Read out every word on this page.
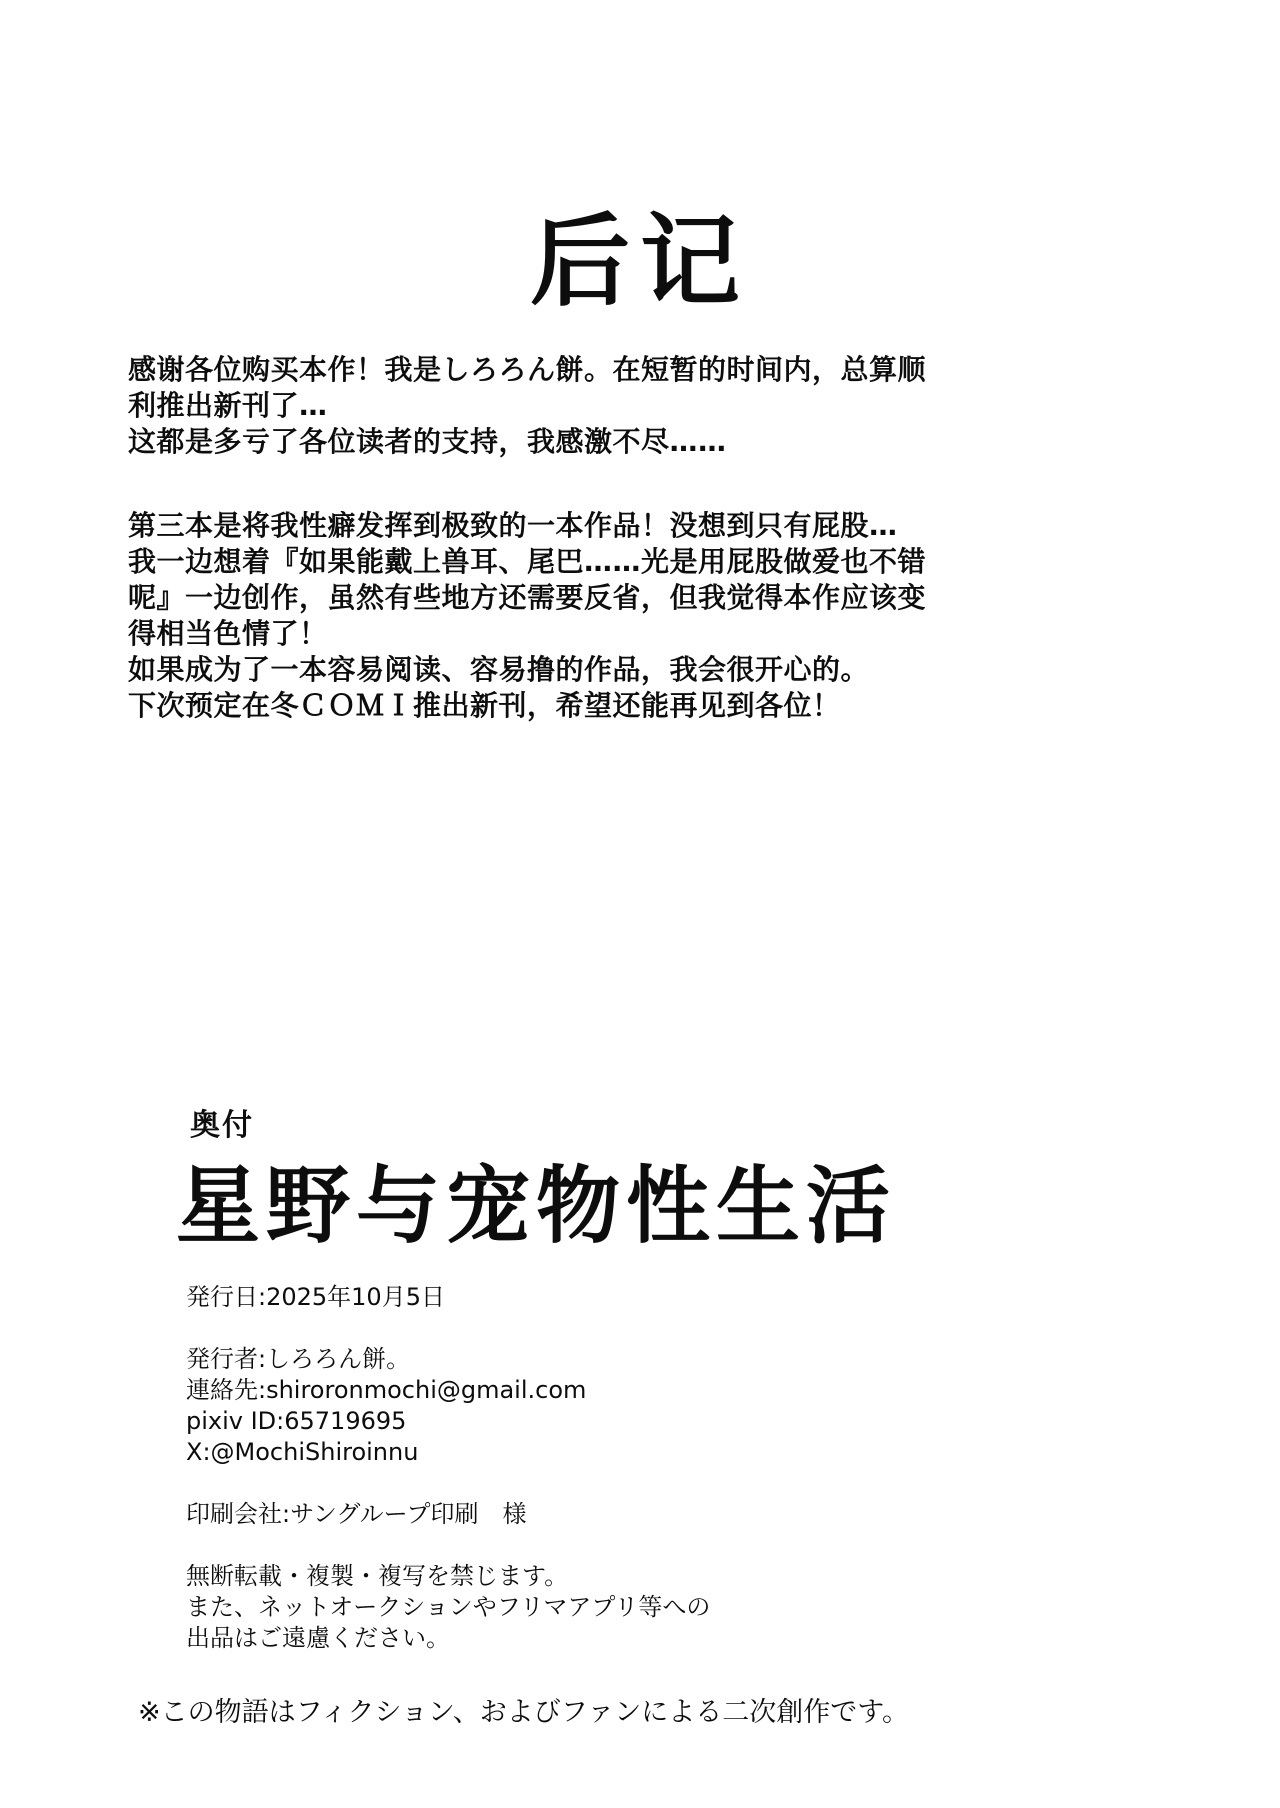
后记
感谢各位购买本作！我是しろろん餅。在短暂的时间内，总算顺
利推出新刊了…
这都是多亏了各位读者的支持，我感激不尽……
第三本是将我性癖发挥到极致的一本作品！没想到只有屁股…
我一边想着『如果能戴上兽耳、尾巴……光是用屁股做爱也不错
呢』一边创作，虽然有些地方还需要反省，但我觉得本作应该变
得相当色情了！
如果成为了一本容易阅读、容易撸的作品，我会很开心的。
下次预定在冬ＣＯＭＩ推出新刊，希望还能再见到各位！
奥付
星野与宠物性生活
発行日:2025年10月5日
発行者:しろろん餅。
連絡先:shiroronmochi@gmail.com
pixiv ID:65719695
X:@MochiShiroinnu
印刷会社:サングループ印刷　様
無断転載・複製・複写を禁じます。
また、ネットオークションやフリマアプリ等への
出品はご遠慮ください。
※この物語はフィクション、およびファンによる二次創作です。
